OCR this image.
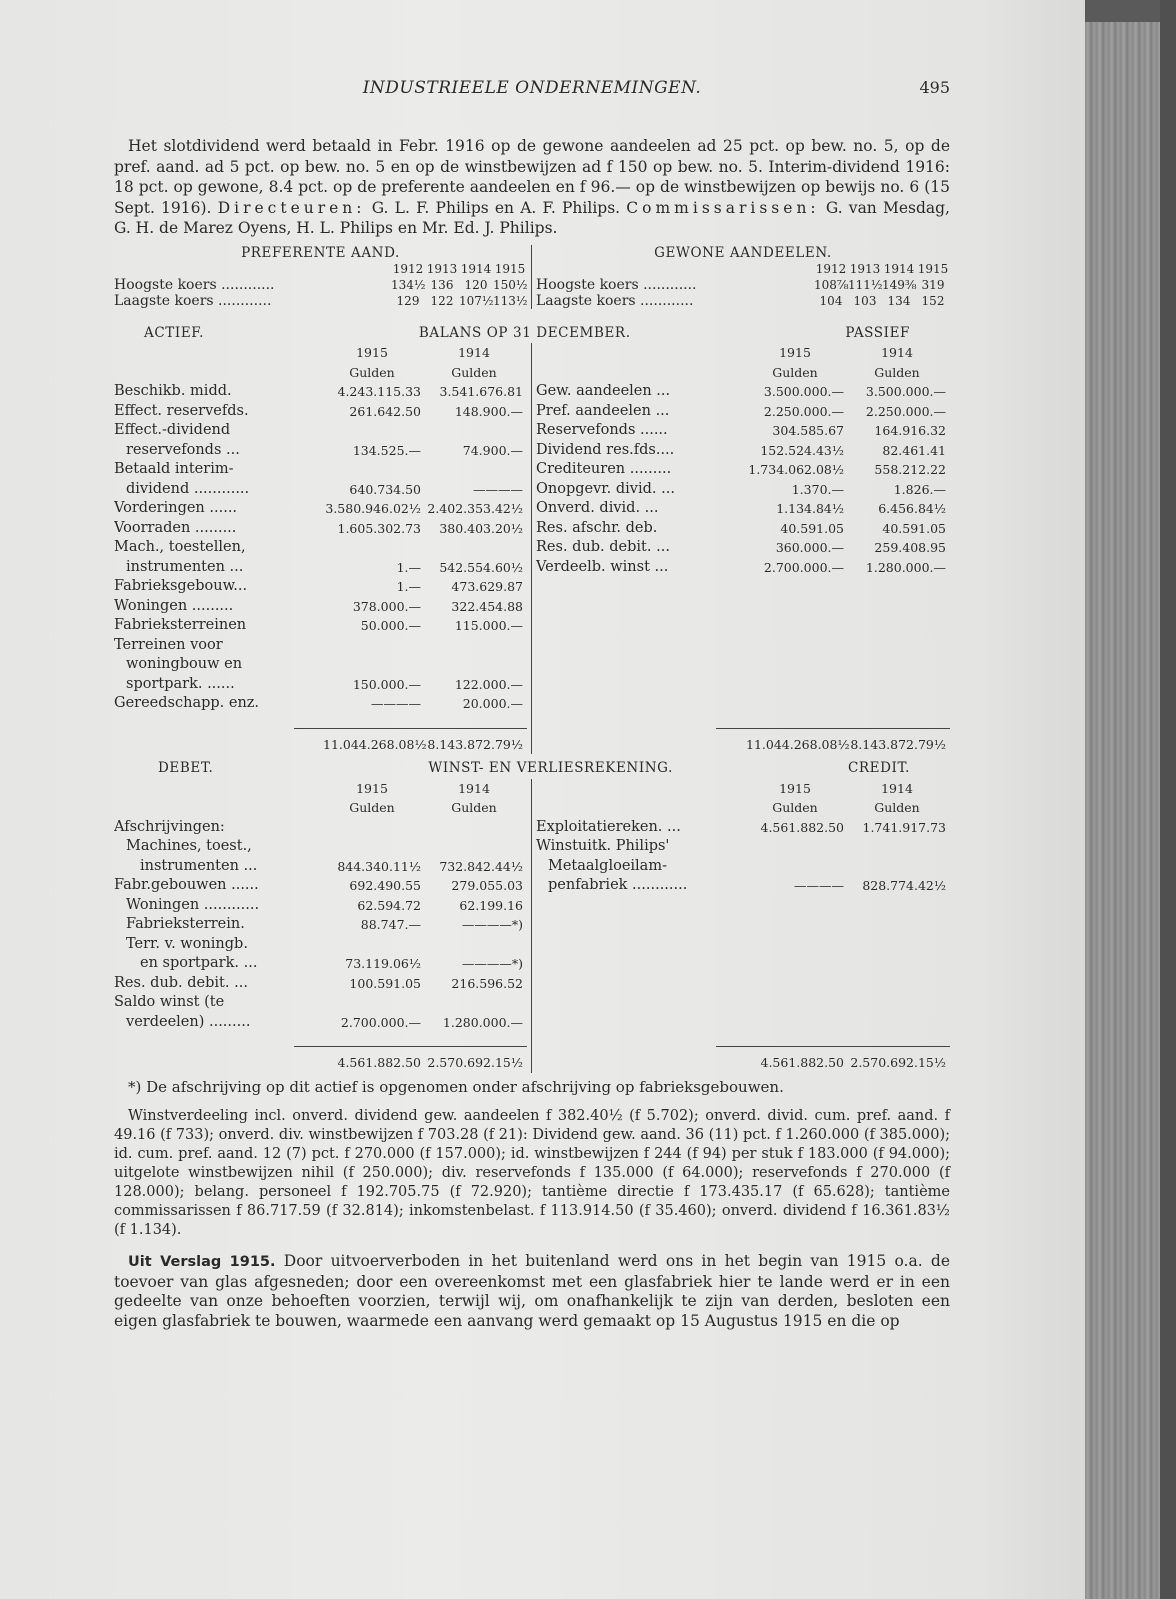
INDUSTRIEELE ONDERNEMINGEN.	495

Het slotdividend werd betaald in Febr. 1916 op de gewone aandeelen ad 25 pct. op bew. no. 5, op de pref. aand. ad 5 pct. op bew. no. 5 en op de winstbewijzen ad f 150 op bew. no. 5. Interim-dividend 1916: 18 pct. op gewone, 8.4 pct. op de preferente aandeelen en f 96.— op de winstbewijzen op bewijs no. 6 (15 Sept. 1916). Directeuren: G. L. F. Philips en A. F. Philips. Commissarissen: G. van Mesdag, G. H. de Marez Oyens, H. L. Philips en Mr. Ed. J. Philips.

PREFERENTE AAND.
1912 1913 1914 1915
Hoogste koers ............	134½ 136 120 150½
Laagste koers ............	129 122 107½ 113½
GEWONE AANDEELEN.
1912 1913 1914 1915
Hoogste koers ............	108⅞ 111½ 149⅜ 319
Laagste koers ............	104 103 134 152
ACTIEF.	BALANS OP 31 DECEMBER.	PASSIEF
1915	1914
Gulden	Gulden
Beschikb. midd.	4.243.115.33	3.541.676.81
Effect. reservefds.	261.642.50	148.900.—
Effect.-dividend
reservefonds ...	134.525.—	74.900.—
Betaald interim-
dividend ............	640.734.50	————
Vorderingen ......	3.580.946.02½ 2.402.353.42½
Voorraden .........	1.605.302.73	380.403.20½
Mach., toestellen,
instrumenten ...	1.—	542.554.60½
Fabrieksgebouw...	1.—	473.629.87
Woningen .........	378.000.—	322.454.88
Fabrieksterreinen	50.000.—	115.000.—
Terreinen voor
woningbouw en
sportpark. ......	150.000.—	122.000.—
Gereedschapp. enz.	————	20.000.—
1915	1914
Gulden	Gulden
Gew. aandeelen ...	3.500.000.—	3.500.000.—
Pref. aandeelen ...	2.250.000.—	2.250.000.—
Reservefonds ......	304.585.67	164.916.32
Dividend res.fds....	152.524.43½	82.461.41
Crediteuren .........	1.734.062.08½	558.212.22
Onopgevr. divid. ...	1.370.—	1.826.—
Onverd. divid. ...	1.134.84½	6.456.84½
Res. afschr. deb.	40.591.05	40.591.05
Res. dub. debit. ...	360.000.—	259.408.95
Verdeelb. winst ...	2.700.000.—	1.280.000.—
11.044.268.08½ 8.143.872.79½	11.044.268.08½ 8.143.872.79½
DEBET.	WINST- EN VERLIESREKENING.	CREDIT.
1915	1914
Gulden	Gulden
Afschrijvingen:
Machines, toest.,
instrumenten ...	844.340.11½	732.842.44½
Fabr.gebouwen ......	692.490.55	279.055.03
Woningen ............	62.594.72	62.199.16
Fabrieksterrein.	88.747.—	————*)
Terr. v. woningb.
en sportpark. ...	73.119.06½	————*)
Res. dub. debit. ...	100.591.05	216.596.52
Saldo winst (te
verdeelen) .........	2.700.000.—	1.280.000.—
1915	1914
Gulden	Gulden
Exploitatiereken. ...	4.561.882.50	1.741.917.73
Winstuitk. Philips'
Metaalgloeilam-
penfabriek ............	————	828.774.42½
4.561.882.50 2.570.692.15½	4.561.882.50 2.570.692.15½

*) De afschrijving op dit actief is opgenomen onder afschrijving op fabrieksgebouwen.

Winstverdeeling incl. onverd. dividend gew. aandeelen f 382.40½ (f 5.702); onverd. divid. cum. pref. aand. f 49.16 (f 733); onverd. div. winstbewijzen f 703.28 (f 21): Dividend gew. aand. 36 (11) pct. f 1.260.000 (f 385.000); id. cum. pref. aand. 12 (7) pct. f 270.000 (f 157.000); id. winstbewijzen f 244 (f 94) per stuk f 183.000 (f 94.000); uitgelote winstbewijzen nihil (f 250.000); div. reservefonds f 135.000 (f 64.000); reservefonds f 270.000 (f 128.000); belang. personeel f 192.705.75 (f 72.920); tantième directie f 173.435.17 (f 65.628); tantième commissarissen f 86.717.59 (f 32.814); inkomstenbelast. f 113.914.50 (f 35.460); onverd. dividend f 16.361.83½ (f 1.134).

Uit Verslag 1915. Door uitvoerverboden in het buitenland werd ons in het begin van 1915 o.a. de toevoer van glas afgesneden; door een overeenkomst met een glasfabriek hier te lande werd er in een gedeelte van onze behoeften voorzien, terwijl wij, om onafhankelijk te zijn van derden, besloten een eigen glasfabriek te bouwen, waarmede een aanvang werd gemaakt op 15 Augustus 1915 en die op
